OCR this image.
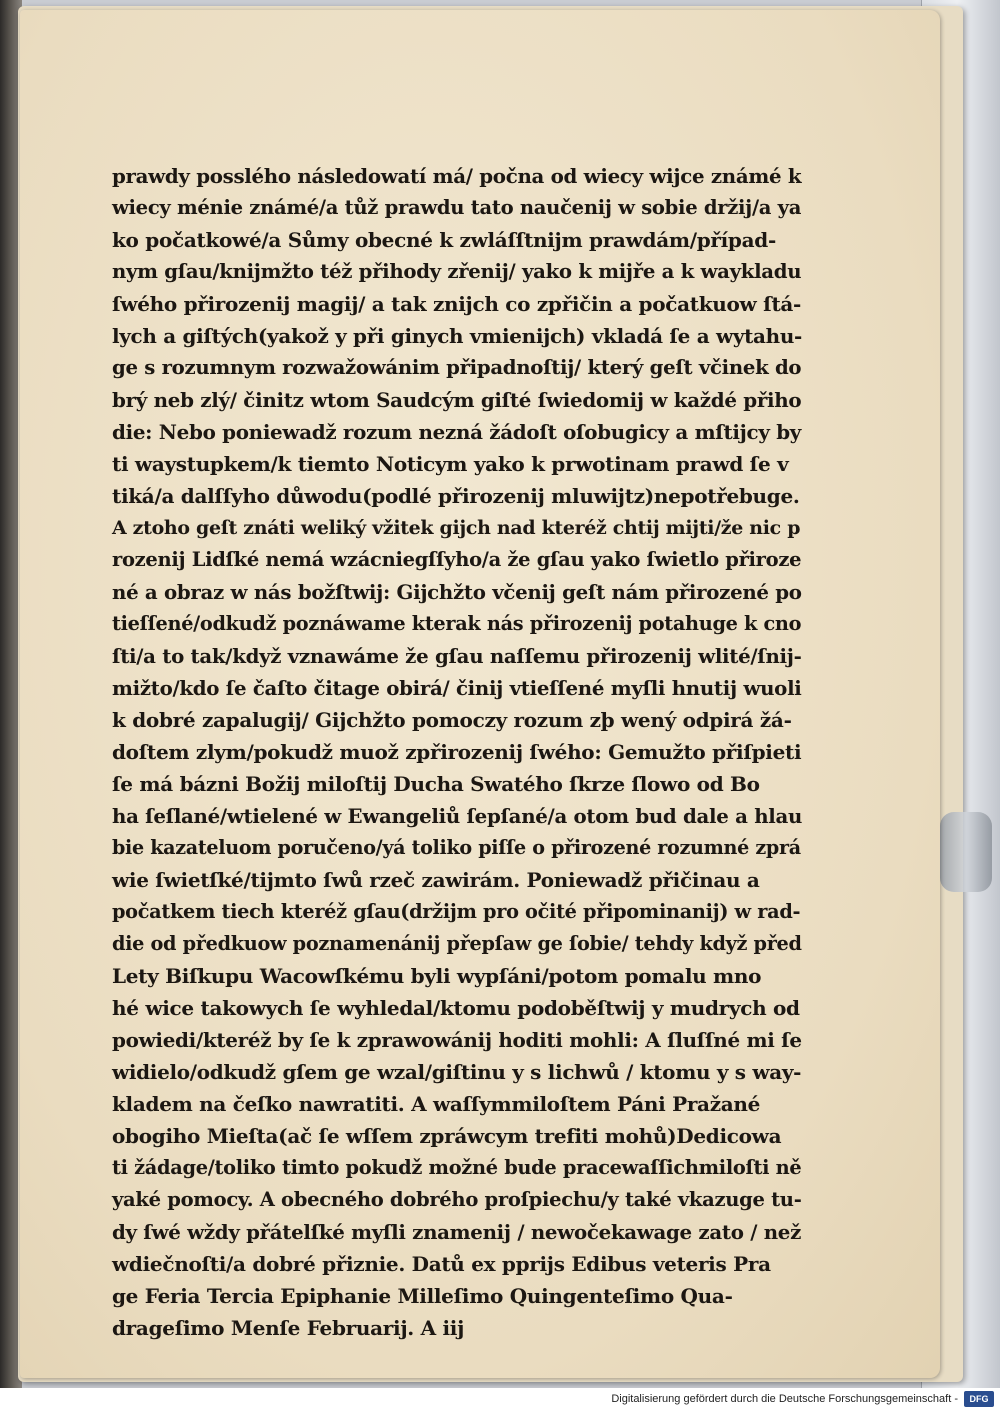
prawdy possléhо následowatí má/ počna od wiecy wijce známé k
wiecy ménie známé/a tůž prawdu tato naučenij w sobie držij/a ya
ko počatkowé/a Sůmy obecné k zwláſſtnijm prawdám/případ-
nym gſau/knijmžto též přihody zřenij/ yako k mijře a k waykladu
ſwého přirozenij magij/ a tak znijch co zpřičin a počatkuow ſtá-
lych a giſtých(yakož y při ginych vmienijch) vkladá ſe a wytahu-
ge s rozumnym rozwažowánim připadnoſtij/ který geſt včinek do
brý neb zlý/ činitz wtom Saudcým giſté ſwiedomij w každé přiho
die: Nebo poniewadž rozum nezná žádoſt oſobugicy a mſtijcy by
ti waystupkem/k tiemto Noticym yako k prwotinam prawd ſe v
tiká/a dalſſyho důwodu(podlé přirozenij mluwijtz)nepotřebuge.
A ztoho geſt znáti weliký vžitek gijch nad kteréž chtij mijti/že nic p
rozenij Lidſké nemá wzácniegſſyho/a že gſau yako ſwietlo přiroze
né a obraz w nás božſtwij: Gijchžto včenij geſt nám přirozené po
tieſſené/odkudž poznáwame kterak nás přirozenij potahuge k cno
ſti/a to tak/když vznawáme že gſau naſſemu přirozenij wlité/ſnij-
mižto/kdo ſe čaſto čitage obirá/ činij vtieſſené myſli hnutij wuoli
k dobré zapalugij/ Gijchžto pomoczy rozum zþ wený odpirá žá-
doſtem zlym/pokudž muož zpřirozenij ſwého: Gemužto přiſpieti
ſe má bázni Božij miloſtij Ducha Swatého ſkrze ſlowo od Bo
ha ſeſlané/wtielené w Ewangeliů ſepſané/a otom bud dale a hlau
bie kazateluom poručeno/yá toliko piſſe o přirozené rozumné zprá
wie ſwietſké/tijmto ſwů rzeč zawirám. Poniewadž přičinau a
počatkem tiech kteréž gſau(držijm pro očité připominanij) w rad-
die od předkuow poznamenánij přepſaw ge ſobie/ tehdy když před
Lety Biſkupu Wacowſkému byli wypſáni/potom pomalu mno
hé wice takowych ſe wyhledal/ktomu podoběſtwij y mudrych od
powiedi/kteréž by ſe k zprawowánij hoditi mohli: A ſluſſné mi ſe
widielo/odkudž gſem ge wzal/giſtinu y s lichwů / ktomu y s way-
kladem na čeſko nawratiti. A waſſymmiloſtem Páni Pražané
obogiho Mieſta(ač ſe wſſem zpráwcym trefiti mohů)Dedicowa
ti žádage/toliko timto pokudž možné bude pracewaſſichmiloſti ně
yaké pomocy. A obecného dobrého proſpiechu/y také vkazuge tu-
dy ſwé wždy přátelſké myſli znamenij / newočekawage zato / než
wdiečnoſti/a dobré přiznie. Datů ex pprijs Edibus veteris Pra
ge Feria Tercia Epiphanie Milleſimo Quingenteſimo Qua-
drageſimo Menſe Februarij. A iij
Digitalisierung gefördert durch die Deutsche Forschungsgemeinschaft -	DFG
